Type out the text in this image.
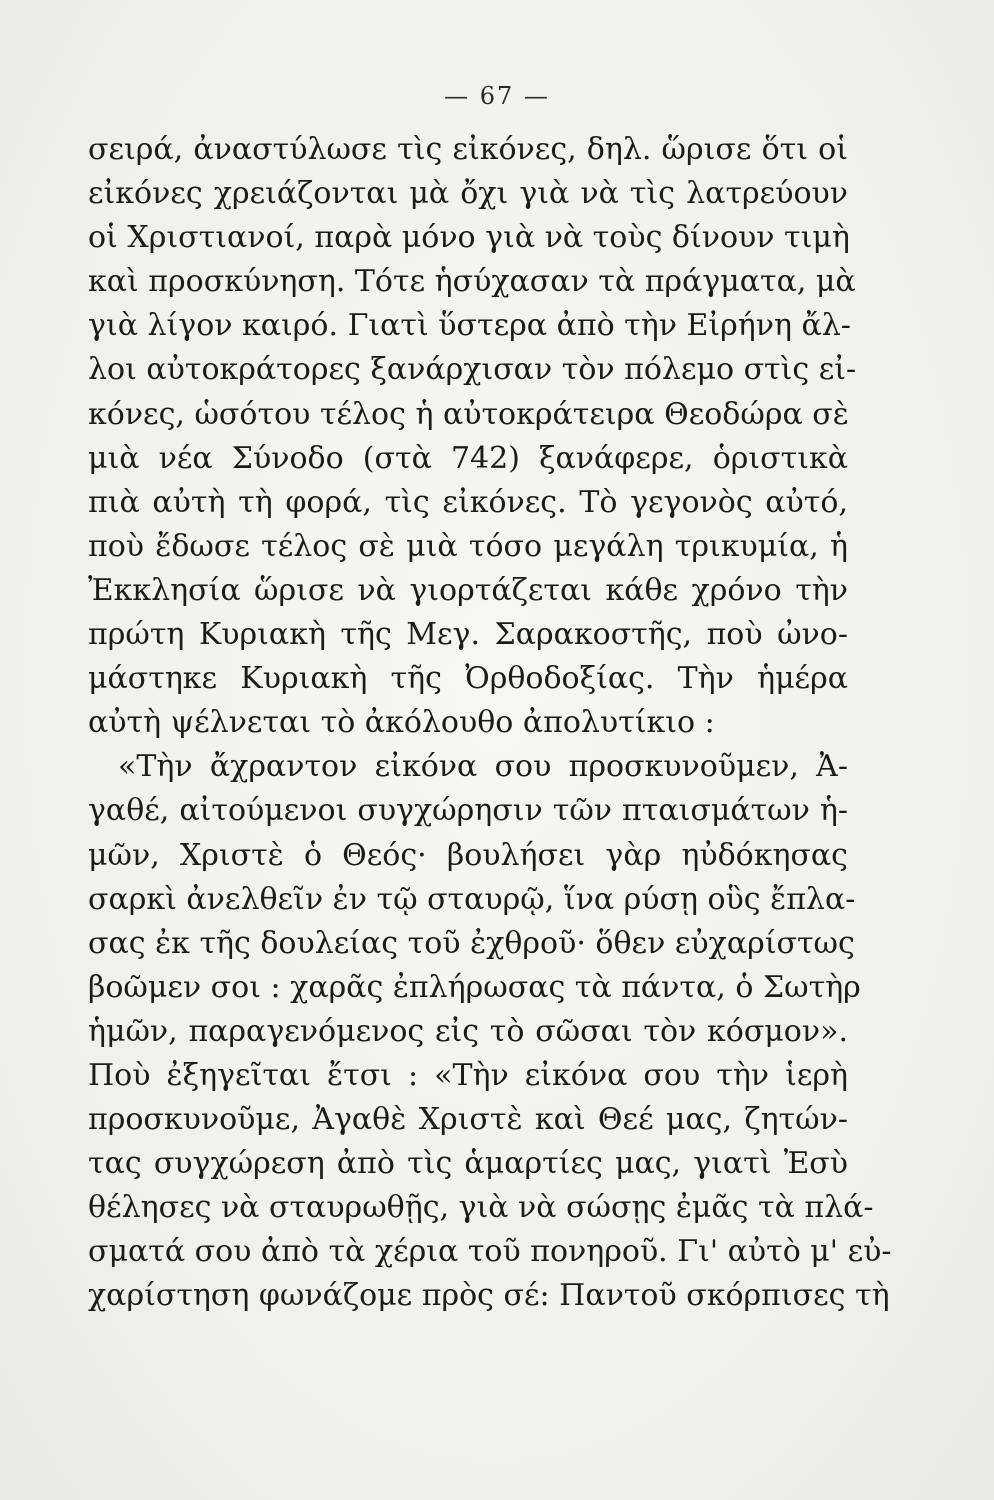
— 67 —
σειρά, ἀναστύλωσε τὶς εἰκόνες, δηλ. ὥρισε ὅτι οἱ
εἰκόνες χρειάζονται μὰ ὄχι γιὰ νὰ τὶς λατρεύουν
οἱ Χριστιανοί, παρὰ μόνο γιὰ νὰ τοὺς δίνουν τιμὴ
καὶ προσκύνηση. Τότε ἡσύχασαν τὰ πράγματα, μὰ
γιὰ λίγον καιρό. Γιατὶ ὕστερα ἀπὸ τὴν Εἰρήνη ἄλ-
λοι αὐτοκράτορες ξανάρχισαν τὸν πόλεμο στὶς εἰ-
κόνες, ὡσότου τέλος ἡ αὐτοκράτειρα Θεοδώρα σὲ
μιὰ νέα Σύνοδο (στὰ 742) ξανάφερε, ὁριστικὰ
πιὰ αὐτὴ τὴ φορά, τὶς εἰκόνες. Τὸ γεγονὸς αὐτό,
ποὺ ἔδωσε τέλος σὲ μιὰ τόσο μεγάλη τρικυμία, ἡ
Ἐκκλησία ὥρισε νὰ γιορτάζεται κάθε χρόνο τὴν
πρώτη Κυριακὴ τῆς Μεγ. Σαρακοστῆς, ποὺ ὠνο-
μάστηκε Κυριακὴ τῆς Ὀρθοδοξίας. Τὴν ἡμέρα
αὐτὴ ψέλνεται τὸ ἀκόλουθο ἀπολυτίκιο :
«Τὴν ἄχραντον εἰκόνα σου προσκυνοῦμεν, Ἀ-
γαθέ, αἰτούμενοι συγχώρησιν τῶν πταισμάτων ἡ-
μῶν, Χριστὲ ὁ Θεός· βουλήσει γὰρ ηὐδόκησας
σαρκὶ ἀνελθεῖν ἐν τῷ σταυρῷ, ἵνα ρύσῃ οὓς ἔπλα-
σας ἐκ τῆς δουλείας τοῦ ἐχθροῦ· ὅθεν εὐχαρίστως
βοῶμεν σοι : χαρᾶς ἐπλήρωσας τὰ πάντα, ὁ Σωτὴρ
ἡμῶν, παραγενόμενος εἰς τὸ σῶσαι τὸν κόσμον».
Ποὺ ἐξηγεῖται ἔτσι : «Τὴν εἰκόνα σου τὴν ἱερὴ
προσκυνοῦμε, Ἀγαθὲ Χριστὲ καὶ Θεέ μας, ζητών-
τας συγχώρεση ἀπὸ τὶς ἁμαρτίες μας, γιατὶ Ἐσὺ
θέλησες νὰ σταυρωθῇς, γιὰ νὰ σώσῃς ἐμᾶς τὰ πλά-
σματά σου ἀπὸ τὰ χέρια τοῦ πονηροῦ. Γι' αὐτὸ μ' εὐ-
χαρίστηση φωνάζομε πρὸς σέ: Παντοῦ σκόρπισες τὴ
